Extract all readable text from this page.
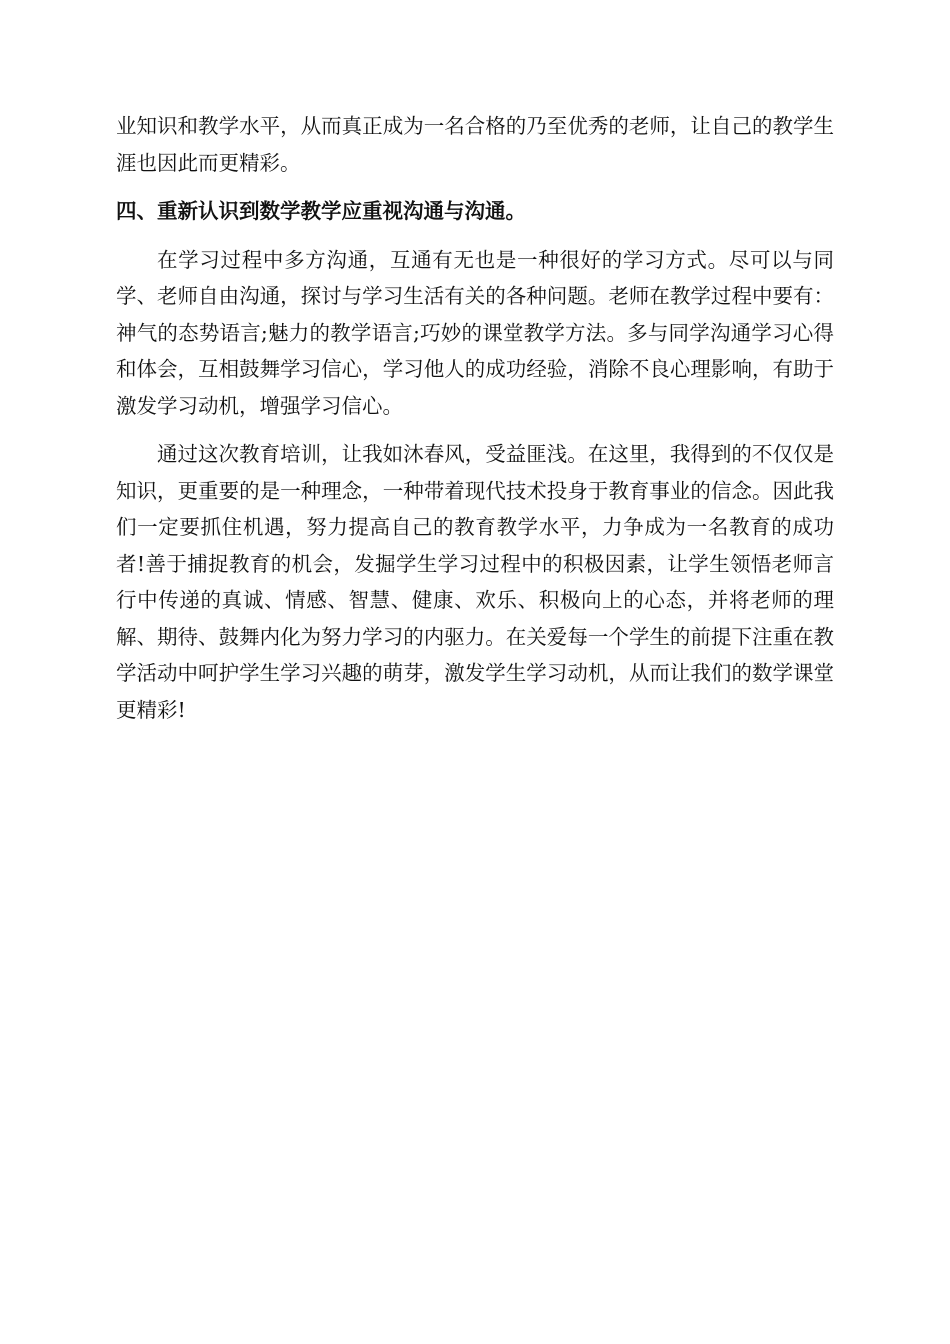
业知识和教学水平，从而真正成为一名合格的乃至优秀的老师，让自己的教学生涯也因此而更精彩。

四、重新认识到数学教学应重视沟通与沟通。

在学习过程中多方沟通，互通有无也是一种很好的学习方式。尽可以与同学、老师自由沟通，探讨与学习生活有关的各种问题。老师在教学过程中要有：神气的态势语言;魅力的教学语言;巧妙的课堂教学方法。多与同学沟通学习心得和体会，互相鼓舞学习信心，学习他人的成功经验，消除不良心理影响，有助于激发学习动机，增强学习信心。

通过这次教育培训，让我如沐春风，受益匪浅。在这里，我得到的不仅仅是知识，更重要的是一种理念，一种带着现代技术投身于教育事业的信念。因此我们一定要抓住机遇，努力提高自己的教育教学水平，力争成为一名教育的成功者!善于捕捉教育的机会，发掘学生学习过程中的积极因素，让学生领悟老师言行中传递的真诚、情感、智慧、健康、欢乐、积极向上的心态，并将老师的理解、期待、鼓舞内化为努力学习的内驱力。在关爱每一个学生的前提下注重在教学活动中呵护学生学习兴趣的萌芽，激发学生学习动机，从而让我们的数学课堂更精彩!
